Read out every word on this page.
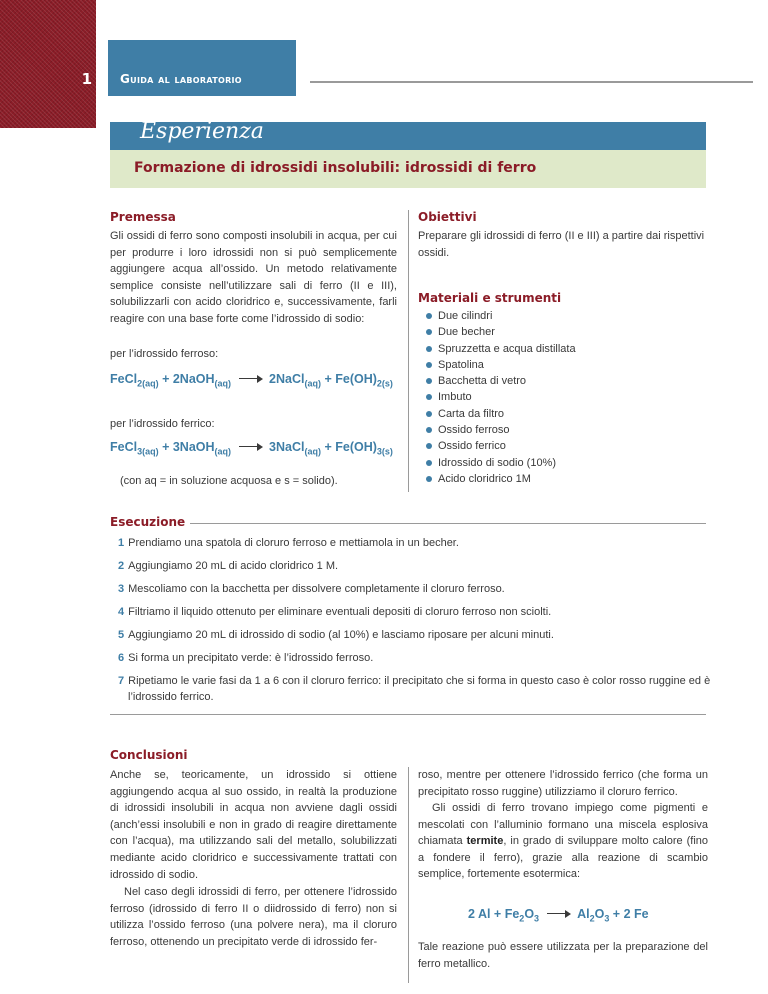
1 Guida al laboratorio
Esperienza
Formazione di idrossidi insolubili: idrossidi di ferro
Premessa
Gli ossidi di ferro sono composti insolubili in acqua, per cui per produrre i loro idrossidi non si può semplicemente aggiungere acqua all’ossido. Un metodo relativamente semplice consiste nell’utilizzare sali di ferro (II e III), solubilizzarli con acido cloridrico e, successivamente, farli reagire con una base forte come l’idrossido di sodio:
per l’idrossido ferroso:
FeCl$_{2(aq)}$ + 2NaOH$_{(aq)}$ → 2NaCl$_{(aq)}$ + $Fe(OH)_{2(s)}$
per l’idrossido ferrico:
FeCl$_{3(aq)}$ + 3NaOH$_{(aq)}$ → 3NaCl$_{(aq)}$ + $Fe(OH)_{3(s)}$
(con aq = in soluzione acquosa e s = solido).
Obiettivi
Preparare gli idrossidi di ferro (II e III) a partire dai rispettivi ossidi.
Materiali e strumenti
Due cilindri
Due becher
Spruzzetta e acqua distillata
Spatolina
Bacchetta di vetro
Imbuto
Carta da filtro
Ossido ferroso
Ossido ferrico
Idrossido di sodio (10%)
Acido cloridrico 1M
Esecuzione
1 Prendiamo una spatola di cloruro ferroso e mettiamola in un becher.
2 Aggiungiamo 20 mL di acido cloridrico 1 M.
3 Mescoliamo con la bacchetta per dissolvere completamente il cloruro ferroso.
4 Filtriamo il liquido ottenuto per eliminare eventuali depositi di cloruro ferroso non sciolti.
5 Aggiungiamo 20 mL di idrossido di sodio (al 10%) e lasciamo riposare per alcuni minuti.
6 Si forma un precipitato verde: è l’idrossido ferroso.
7 Ripetiamo le varie fasi da 1 a 6 con il cloruro ferrico: il precipitato che si forma in questo caso è color rosso ruggine ed è l’idrossido ferrico.
Conclusioni
Anche se, teoricamente, un idrossido si ottiene aggiungendo acqua al suo ossido, in realtà la produzione di idrossidi insolubili in acqua non avviene dagli ossidi (anch’essi insolubili e non in grado di reagire direttamente con l’acqua), ma utilizzando sali del metallo, solubilizzati mediante acido cloridrico e successivamente trattati con idrossido di sodio.
Nel caso degli idrossidi di ferro, per ottenere l’idrossido ferroso (idrossido di ferro II o diidrossido di ferro) non si utilizza l’ossido ferroso (una polvere nera), ma il cloruro ferroso, ottenendo un precipitato verde di idrossido fer-
roso, mentre per ottenere l’idrossido ferrico (che forma un precipitato rosso ruggine) utilizziamo il cloruro ferrico.
Gli ossidi di ferro trovano impiego come pigmenti e mescolati con l’alluminio formano una miscela esplosiva chiamata termite, in grado di sviluppare molto calore (fino a fondere il ferro), grazie alla reazione di scambio semplice, fortemente esotermica:
2 $Al + Fe_2O_3 \to Al_2O_3 + 2$ Fe
Tale reazione può essere utilizzata per la preparazione del ferro metallico.
